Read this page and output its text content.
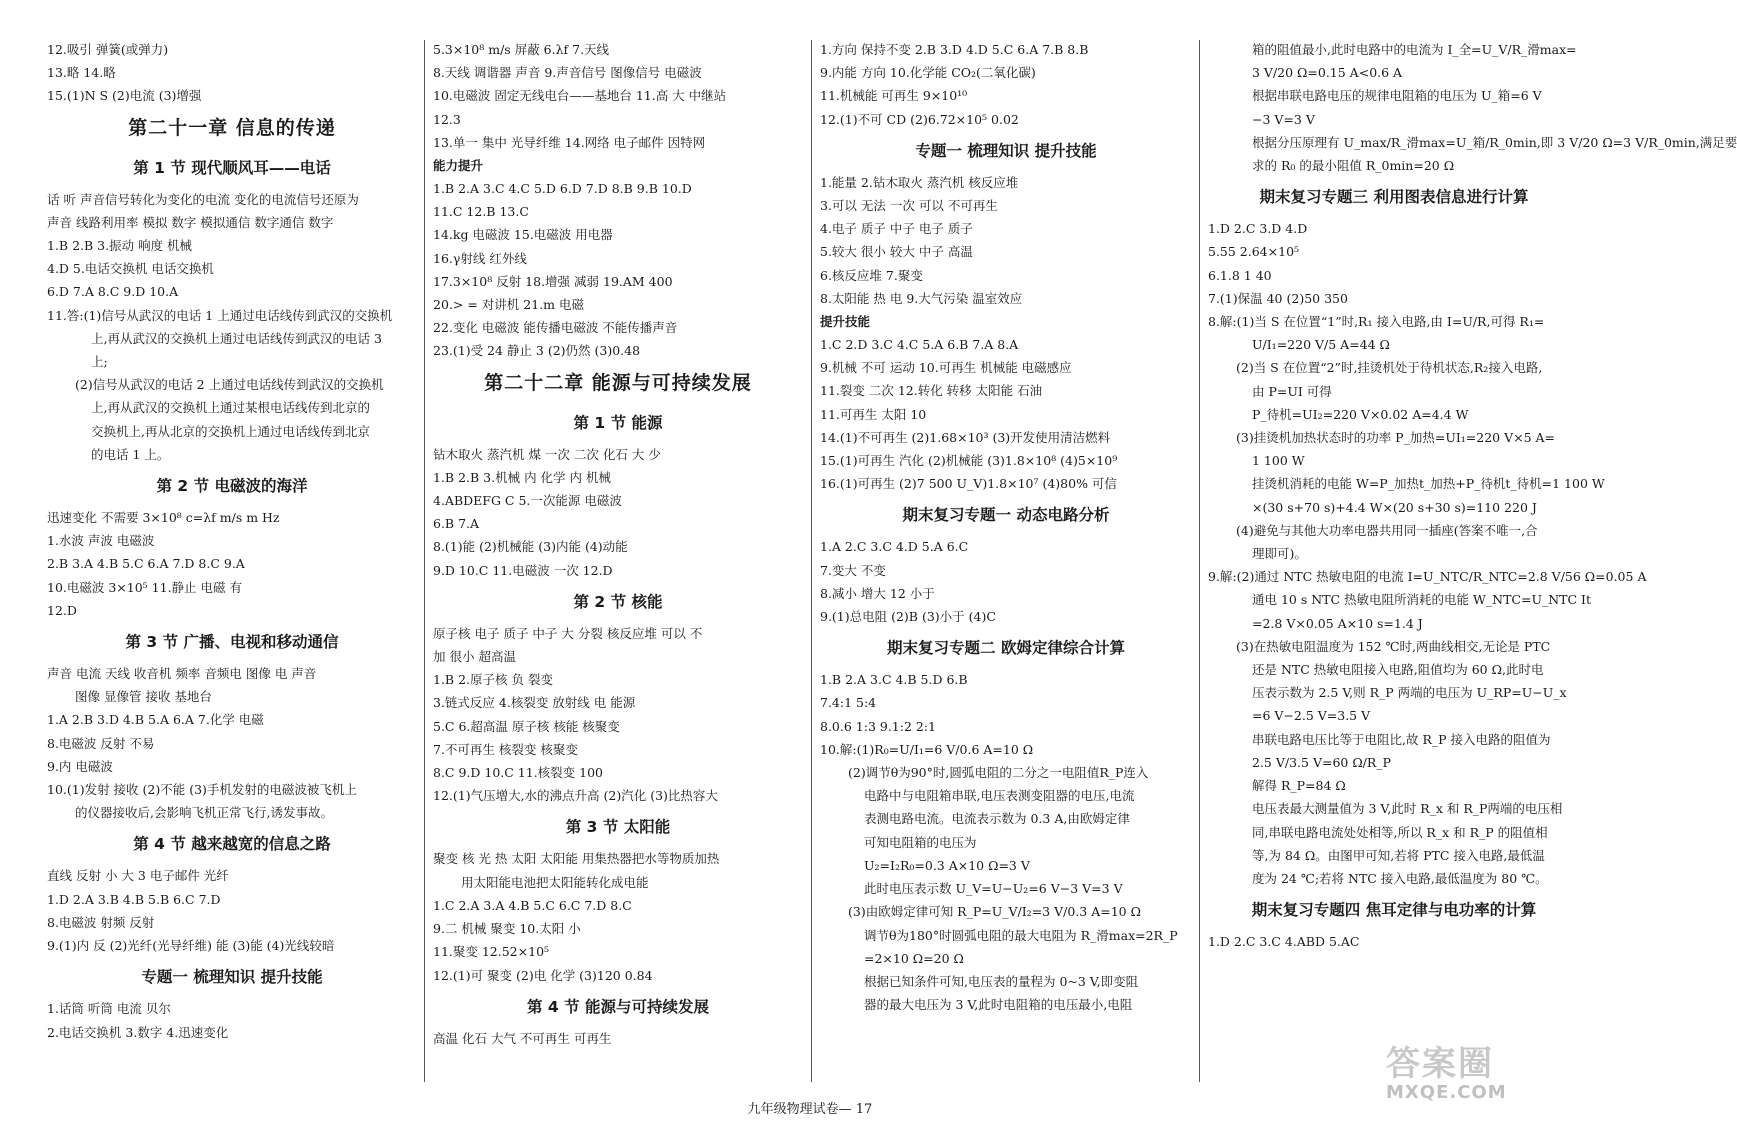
12.吸引 弹簧(或弹力)
13.略 14.略
15.(1)N S (2)电流 (3)增强
第二十一章 信息的传递
第 1 节 现代顺风耳——电话
话 听 声音信号转化为变化的电流 变化的电流信号还原为
声音 线路利用率 模拟 数字 模拟通信 数字通信 数字
1.B 2.B 3.振动 响度 机械
4.D 5.电话交换机 电话交换机
6.D 7.A 8.C 9.D 10.A
11.答:(1)信号从武汉的电话 1 上通过电话线传到武汉的交换机
上,再从武汉的交换机上通过电话线传到武汉的电话 3
上;
(2)信号从武汉的电话 2 上通过电话线传到武汉的交换机
上,再从武汉的交换机上通过某根电话线传到北京的
交换机上,再从北京的交换机上通过电话线传到北京
的电话 1 上。
第 2 节 电磁波的海洋
迅速变化 不需要 3×10⁸ c=λf m/s m Hz
1.水波 声波 电磁波
2.B 3.A 4.B 5.C 6.A 7.D 8.C 9.A
10.电磁波 3×10⁵ 11.静止 电磁 有
12.D
第 3 节 广播、电视和移动通信
声音 电流 天线 收音机 频率 音频电 图像 电 声音
图像 显像管 接收 基地台
1.A 2.B 3.D 4.B 5.A 6.A 7.化学 电磁
8.电磁波 反射 不易
9.内 电磁波
10.(1)发射 接收 (2)不能 (3)手机发射的电磁波被飞机上
的仪器接收后,会影响飞机正常飞行,诱发事故。
第 4 节 越来越宽的信息之路
直线 反射 小 大 3 电子邮件 光纤
1.D 2.A 3.B 4.B 5.B 6.C 7.D
8.电磁波 射频 反射
9.(1)内 反 (2)光纤(光导纤维) 能 (3)能 (4)光线较暗
专题一 梳理知识 提升技能
1.话筒 听筒 电流 贝尔
2.电话交换机 3.数字 4.迅速变化
5.3×10⁸ m/s 屏蔽 6.λf 7.天线
8.天线 调谐器 声音 9.声音信号 图像信号 电磁波
10.电磁波 固定无线电台——基地台 11.高 大 中继站
12.3
13.单一 集中 光导纤维 14.网络 电子邮件 因特网
能力提升
1.B 2.A 3.C 4.C 5.D 6.D 7.D 8.B 9.B 10.D
11.C 12.B 13.C
14.kg 电磁波 15.电磁波 用电器
16.γ射线 红外线
17.3×10⁸ 反射 18.增强 减弱 19.AM 400
20.> = 对讲机 21.m 电磁
22.变化 电磁波 能传播电磁波 不能传播声音
23.(1)受 24 静止 3 (2)仍然 (3)0.48
第二十二章 能源与可持续发展
第 1 节 能源
钻木取火 蒸汽机 煤 一次 二次 化石 大 少
1.B 2.B 3.机械 内 化学 内 机械
4.ABDEFG C 5.一次能源 电磁波
6.B 7.A
8.(1)能 (2)机械能 (3)内能 (4)动能
9.D 10.C 11.电磁波 一次 12.D
第 2 节 核能
原子核 电子 质子 中子 大 分裂 核反应堆 可以 不
加 很小 超高温
1.B 2.原子核 负 裂变
3.链式反应 4.核裂变 放射线 电 能源
5.C 6.超高温 原子核 核能 核聚变
7.不可再生 核裂变 核聚变
8.C 9.D 10.C 11.核裂变 100
12.(1)气压增大,水的沸点升高 (2)汽化 (3)比热容大
第 3 节 太阳能
聚变 核 光 热 太阳 太阳能 用集热器把水等物质加热
用太阳能电池把太阳能转化成电能
1.C 2.A 3.A 4.B 5.C 6.C 7.D 8.C
9.二 机械 聚变 10.太阳 小
11.聚变 12.52×10⁵
12.(1)可 聚变 (2)电 化学 (3)120 0.84
第 4 节 能源与可持续发展
高温 化石 大气 不可再生 可再生
1.方向 保持不变 2.B 3.D 4.D 5.C 6.A 7.B 8.B
9.内能 方向 10.化学能 CO₂(二氧化碳)
11.机械能 可再生 9×10¹⁰
12.(1)不可 CD (2)6.72×10⁵ 0.02
专题一 梳理知识 提升技能
1.能量 2.钻木取火 蒸汽机 核反应堆
3.可以 无法 一次 可以 不可再生
4.电子 质子 中子 电子 质子
5.较大 很小 较大 中子 高温
6.核反应堆 7.聚变
8.太阳能 热 电 9.大气污染 温室效应
提升技能
1.C 2.D 3.C 4.C 5.A 6.B 7.A 8.A
9.机械 不可 运动 10.可再生 机械能 电磁感应
11.裂变 二次 12.转化 转移 太阳能 石油
11.可再生 太阳 10
14.(1)不可再生 (2)1.68×10³ (3)开发使用清洁燃料
15.(1)可再生 汽化 (2)机械能 (3)1.8×10⁸ (4)5×10⁹
16.(1)可再生 (2)7 500 U_V)1.8×10⁷ (4)80% 可信
期末复习专题一 动态电路分析
1.A 2.C 3.C 4.D 5.A 6.C
7.变大 不变
8.减小 增大 12 小于
9.(1)总电阻 (2)B (3)小于 (4)C
期末复习专题二 欧姆定律综合计算
1.B 2.A 3.C 4.B 5.D 6.B
7.4:1 5:4
8.0.6 1:3 9.1:2 2:1
10.解:(1)R₀=U/I₁=6 V/0.6 A=10 Ω
(2)调节θ为90°时,圆弧电阻的二分之一电阻值R_P连入
电路中与电阻箱串联,电压表测变阻器的电压,电流
表测电路电流。电流表示数为 0.3 A,由欧姆定律
可知电阻箱的电压为
U₂=I₂R₀=0.3 A×10 Ω=3 V
此时电压表示数 U_V=U−U₂=6 V−3 V=3 V
(3)由欧姆定律可知 R_P=U_V/I₂=3 V/0.3 A=10 Ω
调节θ为180°时圆弧电阻的最大电阻为 R_滑max=2R_P
=2×10 Ω=20 Ω
根据已知条件可知,电压表的量程为 0~3 V,即变阻
器的最大电压为 3 V,此时电阻箱的电压最小,电阻
箱的阻值最小,此时电路中的电流为 I_全=U_V/R_滑max=
3 V/20 Ω=0.15 A<0.6 A
根据串联电路电压的规律电阻箱的电压为 U_箱=6 V
−3 V=3 V
根据分压原理有 U_max/R_滑max=U_箱/R_0min,即 3 V/20 Ω=3 V/R_0min,满足要
求的 R₀ 的最小阻值 R_0min=20 Ω
期末复习专题三 利用图表信息进行计算
1.D 2.C 3.D 4.D
5.55 2.64×10⁵
6.1.8 1 40
7.(1)保温 40 (2)50 350
8.解:(1)当 S 在位置“1”时,R₁ 接入电路,由 I=U/R,可得 R₁=
U/I₁=220 V/5 A=44 Ω
(2)当 S 在位置“2”时,挂烫机处于待机状态,R₂接入电路,
由 P=UI 可得
P_待机=UI₂=220 V×0.02 A=4.4 W
(3)挂烫机加热状态时的功率 P_加热=UI₁=220 V×5 A=
1 100 W
挂烫机消耗的电能 W=P_加热t_加热+P_待机t_待机=1 100 W
×(30 s+70 s)+4.4 W×(20 s+30 s)=110 220 J
(4)避免与其他大功率电器共用同一插座(答案不唯一,合
理即可)。
9.解:(2)通过 NTC 热敏电阻的电流 I=U_NTC/R_NTC=2.8 V/56 Ω=0.05 A
通电 10 s NTC 热敏电阻所消耗的电能 W_NTC=U_NTC It
=2.8 V×0.05 A×10 s=1.4 J
(3)在热敏电阻温度为 152 ℃时,两曲线相交,无论是 PTC
还是 NTC 热敏电阻接入电路,阻值均为 60 Ω,此时电
压表示数为 2.5 V,则 R_P 两端的电压为 U_RP=U−U_x
=6 V−2.5 V=3.5 V
串联电路电压比等于电阻比,故 R_P 接入电路的阻值为
2.5 V/3.5 V=60 Ω/R_P
解得 R_P=84 Ω
电压表最大测量值为 3 V,此时 R_x 和 R_P两端的电压相
同,串联电路电流处处相等,所以 R_x 和 R_P 的阻值相
等,为 84 Ω。由图甲可知,若将 PTC 接入电路,最低温
度为 24 ℃;若将 NTC 接入电路,最低温度为 80 ℃。
期末复习专题四 焦耳定律与电功率的计算
1.D 2.C 3.C 4.ABD 5.AC
九年级物理试卷— 17
答案圈
MXQE.COM
